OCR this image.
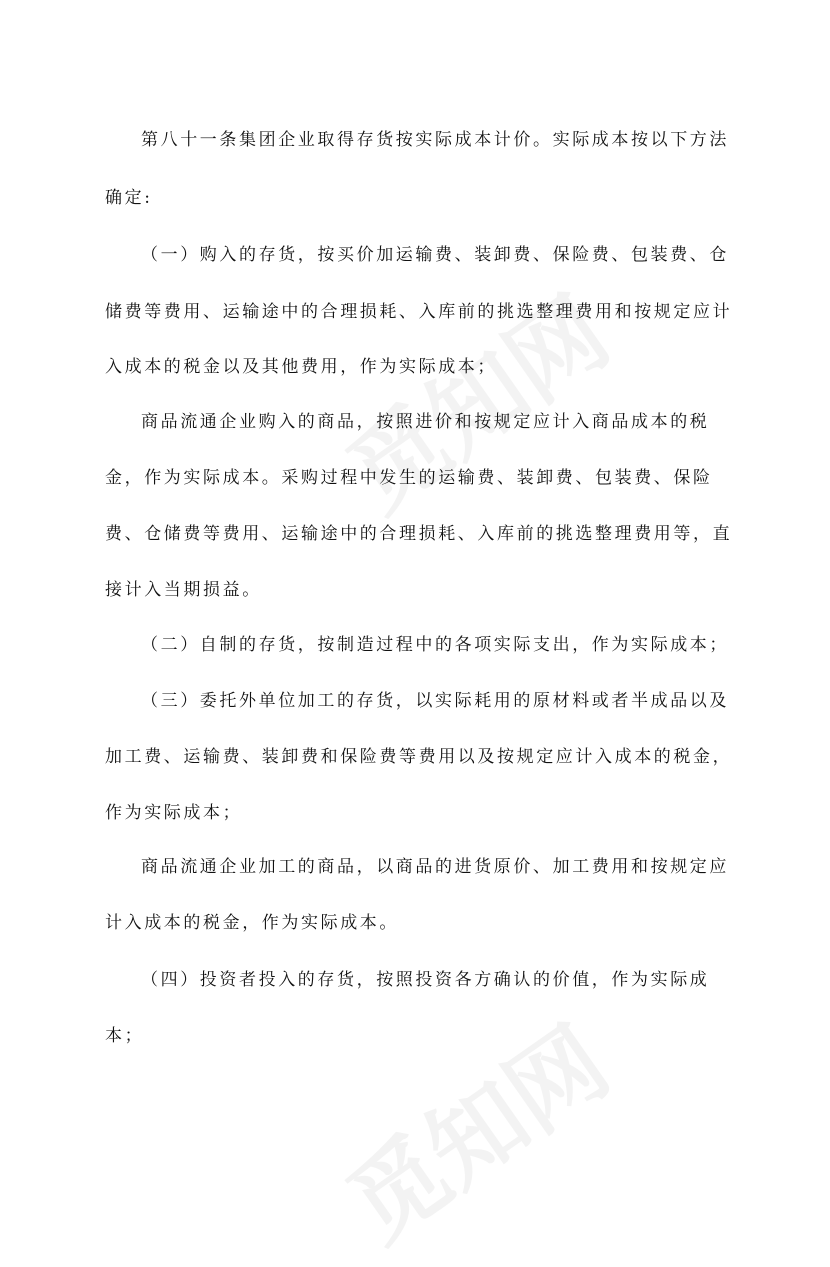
第八十一条集团企业取得存货按实际成本计价。实际成本按以下方法
确定:
（一）购入的存货，按买价加运输费、装卸费、保险费、包装费、仓
储费等费用、运输途中的合理损耗、入库前的挑选整理费用和按规定应计
入成本的税金以及其他费用，作为实际成本；
商品流通企业购入的商品，按照进价和按规定应计入商品成本的税
金，作为实际成本。采购过程中发生的运输费、装卸费、包装费、保险
费、仓储费等费用、运输途中的合理损耗、入库前的挑选整理费用等，直
接计入当期损益。
（二）自制的存货，按制造过程中的各项实际支出，作为实际成本；
（三）委托外单位加工的存货，以实际耗用的原材料或者半成品以及
加工费、运输费、装卸费和保险费等费用以及按规定应计入成本的税金，
作为实际成本；
商品流通企业加工的商品，以商品的进货原价、加工费用和按规定应
计入成本的税金，作为实际成本。
（四）投资者投入的存货，按照投资各方确认的价值，作为实际成
本；
